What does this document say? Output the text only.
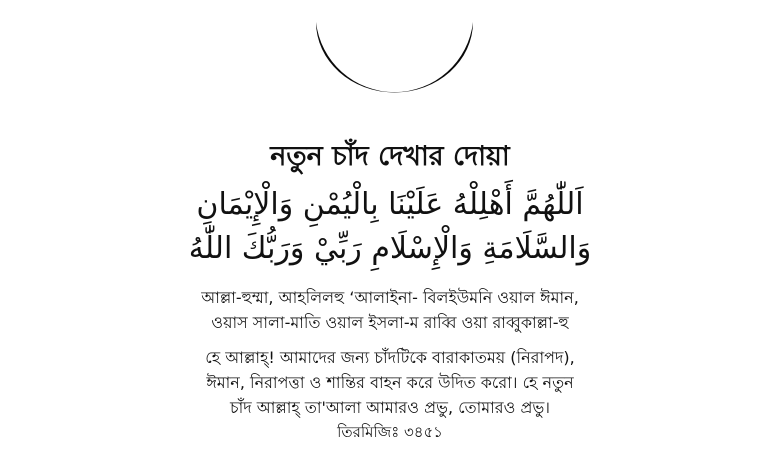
নতুন চাঁদ দেখার দোয়া
اَللّٰهُمَّ أَهْلِلْهُ عَلَيْنَا بِالْيُمْنِ وَالْإِيْمَانِ
وَالسَّلَامَةِ وَالْإِسْلَامِ رَبِّيْ وَرَبُّكَ اللّٰهُ
আল্লা-হুম্মা, আহলিলহু ‘আলাইনা- বিলইউমনি ওয়াল ঈমান,
ওয়াস সালা-মাতি ওয়াল ইসলা-ম রাব্বি ওয়া রাব্বুকাল্লা-হু
হে আল্লাহ্! আমাদের জন্য চাঁদটিকে বারাকাতময় (নিরাপদ),
ঈমান, নিরাপত্তা ও শান্তির বাহন করে উদিত করো। হে নতুন
চাঁদ আল্লাহ্ তা'আলা আমারও প্রভু, তোমারও প্রভু।
তিরমিজিঃ ৩৪৫১
